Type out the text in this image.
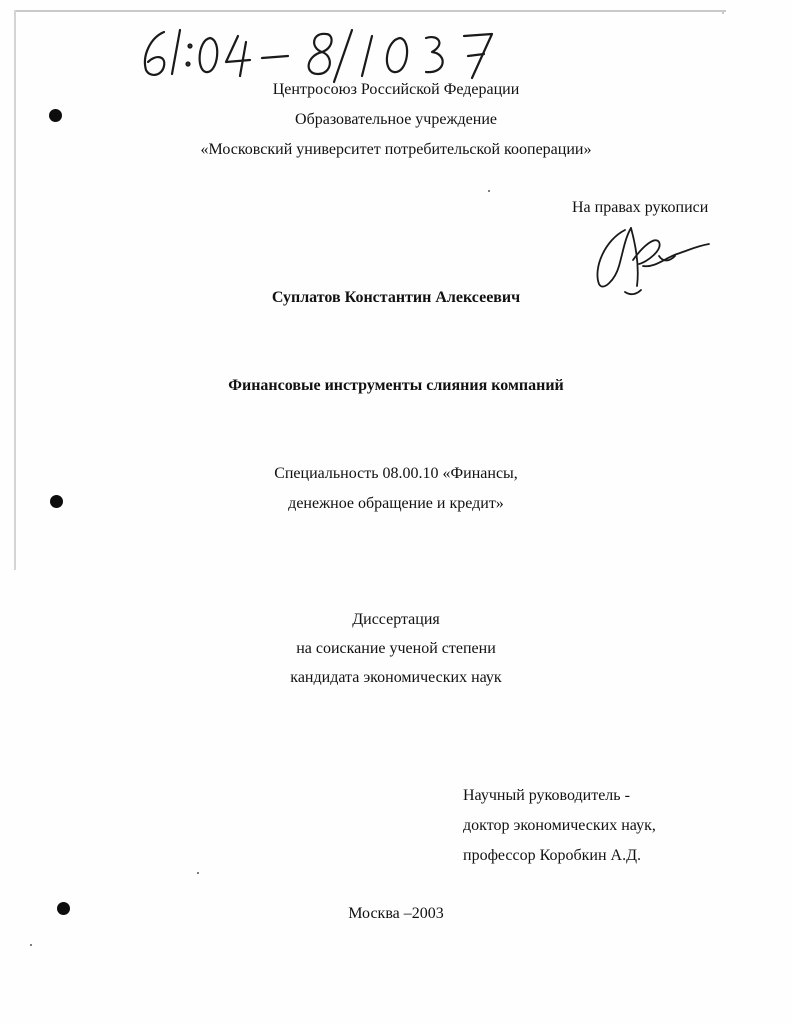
Центросоюз Российской Федерации
Образовательное учреждение
«Московский университет потребительской кооперации»
На правах рукописи
Суплатов Константин Алексеевич
Финансовые инструменты слияния компаний
Специальность 08.00.10 «Финансы,
денежное обращение и кредит»
Диссертация
на соискание ученой степени
кандидата экономических наук
Научный руководитель -
доктор экономических наук,
профессор Коробкин А.Д.
Москва –2003
